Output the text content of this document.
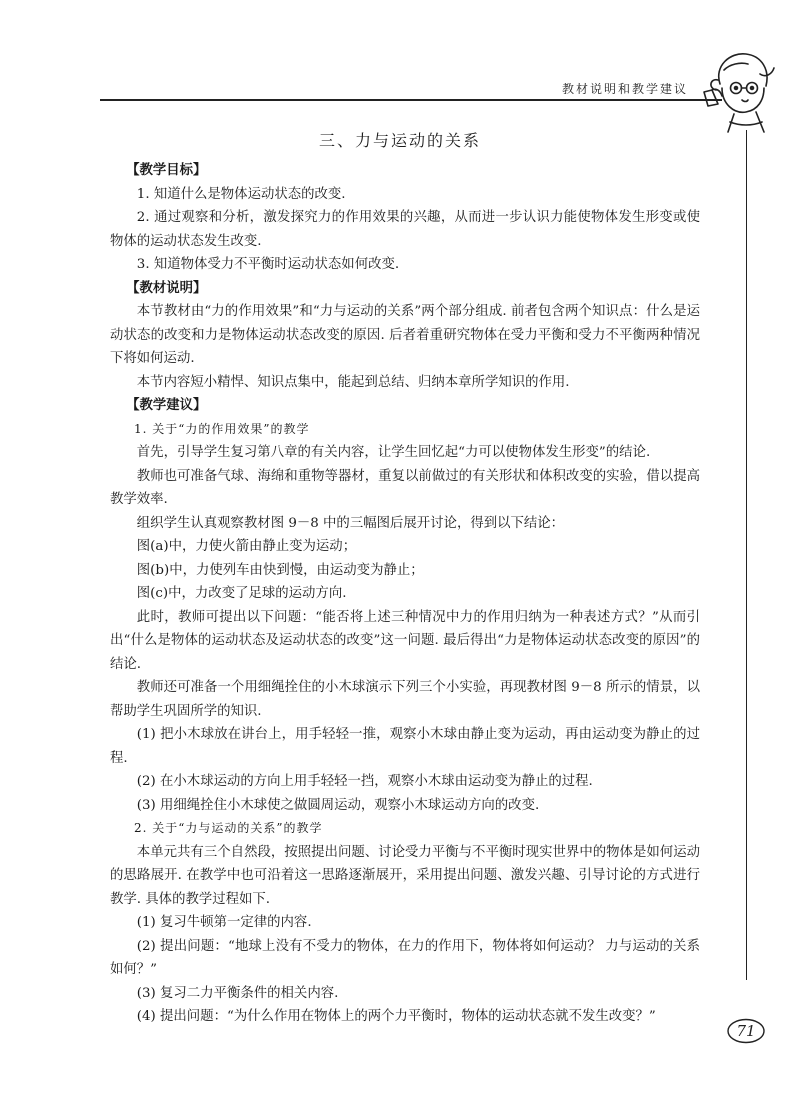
教材说明和教学建议
71
三、力与运动的关系

【教学目标】

1. 知道什么是物体运动状态的改变.

2. 通过观察和分析，激发探究力的作用效果的兴趣，从而进一步认识力能使物体发生形变或使物体的运动状态发生改变.

3. 知道物体受力不平衡时运动状态如何改变.

【教材说明】

本节教材由“力的作用效果”和“力与运动的关系”两个部分组成. 前者包含两个知识点：什么是运动状态的改变和力是物体运动状态改变的原因. 后者着重研究物体在受力平衡和受力不平衡两种情况下将如何运动.

本节内容短小精悍、知识点集中，能起到总结、归纳本章所学知识的作用.

【教学建议】

1. 关于“力的作用效果”的教学

首先，引导学生复习第八章的有关内容，让学生回忆起“力可以使物体发生形变”的结论.

教师也可准备气球、海绵和重物等器材，重复以前做过的有关形状和体积改变的实验，借以提高教学效率.

组织学生认真观察教材图 9－8 中的三幅图后展开讨论，得到以下结论：

图(a)中，力使火箭由静止变为运动；

图(b)中，力使列车由快到慢，由运动变为静止；

图(c)中，力改变了足球的运动方向.

此时，教师可提出以下问题：“能否将上述三种情况中力的作用归纳为一种表述方式？”从而引出“什么是物体的运动状态及运动状态的改变”这一问题. 最后得出“力是物体运动状态改变的原因”的结论.

教师还可准备一个用细绳拴住的小木球演示下列三个小实验，再现教材图 9－8 所示的情景，以帮助学生巩固所学的知识.

(1) 把小木球放在讲台上，用手轻轻一推，观察小木球由静止变为运动，再由运动变为静止的过程.

(2) 在小木球运动的方向上用手轻轻一挡，观察小木球由运动变为静止的过程.

(3) 用细绳拴住小木球使之做圆周运动，观察小木球运动方向的改变.

2. 关于“力与运动的关系”的教学

本单元共有三个自然段，按照提出问题、讨论受力平衡与不平衡时现实世界中的物体是如何运动的思路展开. 在教学中也可沿着这一思路逐渐展开，采用提出问题、激发兴趣、引导讨论的方式进行教学. 具体的教学过程如下.

(1) 复习牛顿第一定律的内容.

(2) 提出问题：“地球上没有不受力的物体，在力的作用下，物体将如何运动？ 力与运动的关系如何？”

(3) 复习二力平衡条件的相关内容.

(4) 提出问题：“为什么作用在物体上的两个力平衡时，物体的运动状态就不发生改变？”
